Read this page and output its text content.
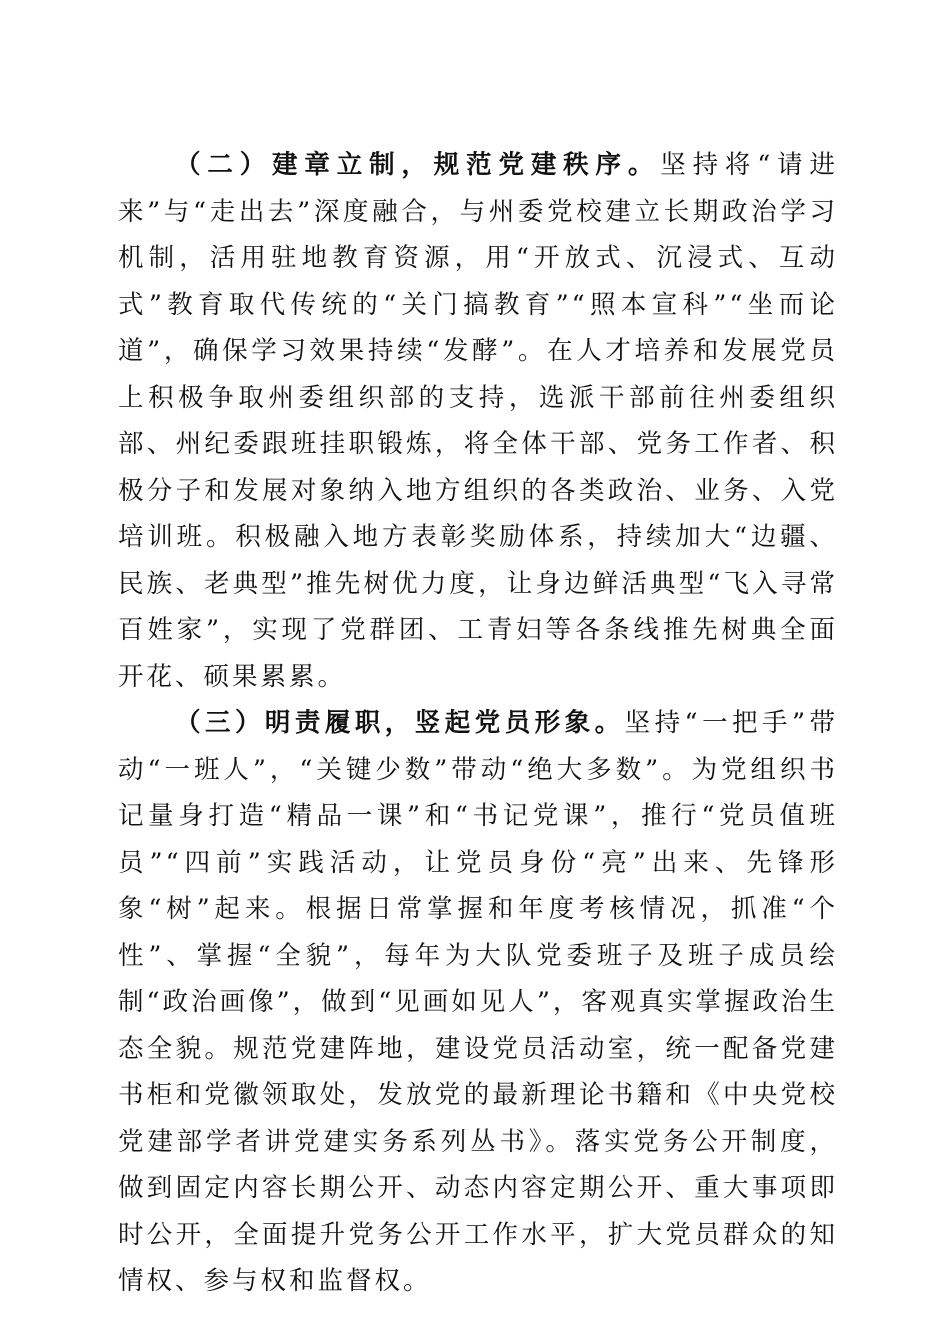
（二）建章立制，规范党建秩序。坚持将“请进来”与“走出去”深度融合，与州委党校建立长期政治学习机制，活用驻地教育资源，用“开放式、沉浸式、互动式”教育取代传统的“关门搞教育”“照本宣科”“坐而论道”，确保学习效果持续“发酵”。在人才培养和发展党员上积极争取州委组织部的支持，选派干部前往州委组织部、州纪委跟班挂职锻炼，将全体干部、党务工作者、积极分子和发展对象纳入地方组织的各类政治、业务、入党培训班。积极融入地方表彰奖励体系，持续加大“边疆、民族、老典型”推先树优力度，让身边鲜活典型“飞入寻常百姓家”，实现了党群团、工青妇等各条线推先树典全面开花、硕果累累。

（三）明责履职，竖起党员形象。坚持“一把手”带动“一班人”，“关键少数”带动“绝大多数”。为党组织书记量身打造“精品一课”和“书记党课”，推行“党员值班员”“四前”实践活动，让党员身份“亮”出来、先锋形象“树”起来。根据日常掌握和年度考核情况，抓准“个性”、掌握“全貌”，每年为大队党委班子及班子成员绘制“政治画像”，做到“见画如见人”，客观真实掌握政治生态全貌。规范党建阵地，建设党员活动室，统一配备党建书柜和党徽领取处，发放党的最新理论书籍和《中央党校党建部学者讲党建实务系列丛书》。落实党务公开制度，做到固定内容长期公开、动态内容定期公开、重大事项即时公开，全面提升党务公开工作水平，扩大党员群众的知情权、参与权和监督权。
